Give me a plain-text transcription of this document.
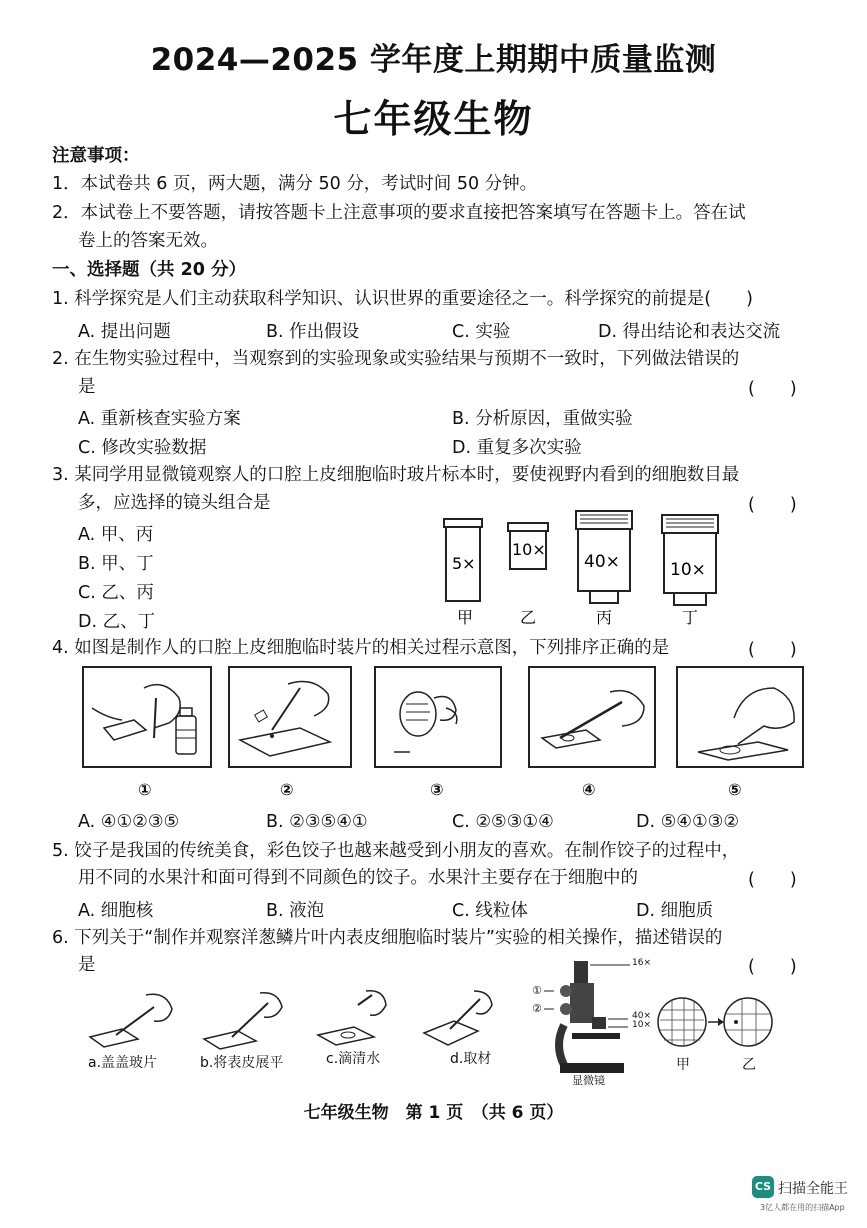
2024—2025 学年度上期期中质量监测
七年级生物
注意事项：
1．本试卷共 6 页，两大题，满分 50 分，考试时间 50 分钟。
2．本试卷上不要答题，请按答题卡上注意事项的要求直接把答案填写在答题卡上。答在试
卷上的答案无效。
一、选择题（共 20 分）
1. 科学探究是人们主动获取科学知识、认识世界的重要途径之一。科学探究的前提是(　　)
A. 提出问题	B. 作出假设	C. 实验	D. 得出结论和表达交流
2. 在生物实验过程中，当观察到的实验现象或实验结果与预期不一致时，下列做法错误的
是	(　　)
A. 重新核查实验方案	B. 分析原因，重做实验
C. 修改实验数据	D. 重复多次实验
3. 某同学用显微镜观察人的口腔上皮细胞临时玻片标本时，要使视野内看到的细胞数目最
多，应选择的镜头组合是	(　　)
A. 甲、丙
B. 甲、丁
C. 乙、丙
D. 乙、丁
5×
10×
40×	10×
甲	乙	丙	丁
4. 如图是制作人的口腔上皮细胞临时装片的相关过程示意图，下列排序正确的是	(　　)
①	②	③	④	⑤
A. ④①②③⑤	B. ②③⑤④①	C. ②⑤③①④	D. ⑤④①③②
5. 饺子是我国的传统美食，彩色饺子也越来越受到小朋友的喜欢。在制作饺子的过程中，
用不同的水果汁和面可得到不同颜色的饺子。水果汁主要存在于细胞中的	(　　)
A. 细胞核	B. 液泡	C. 线粒体	D. 细胞质
6. 下列关于“制作并观察洋葱鳞片叶内表皮细胞临时装片”实验的相关操作，描述错误的
是	(　　)
a.盖盖玻片	b.将表皮展平	c.滴清水	d.取材
16×
①
②
40×
10×
显微镜
甲	乙
七年级生物　第 1 页　（共 6 页）
CS 扫描全能王
3亿人都在用的扫描App
